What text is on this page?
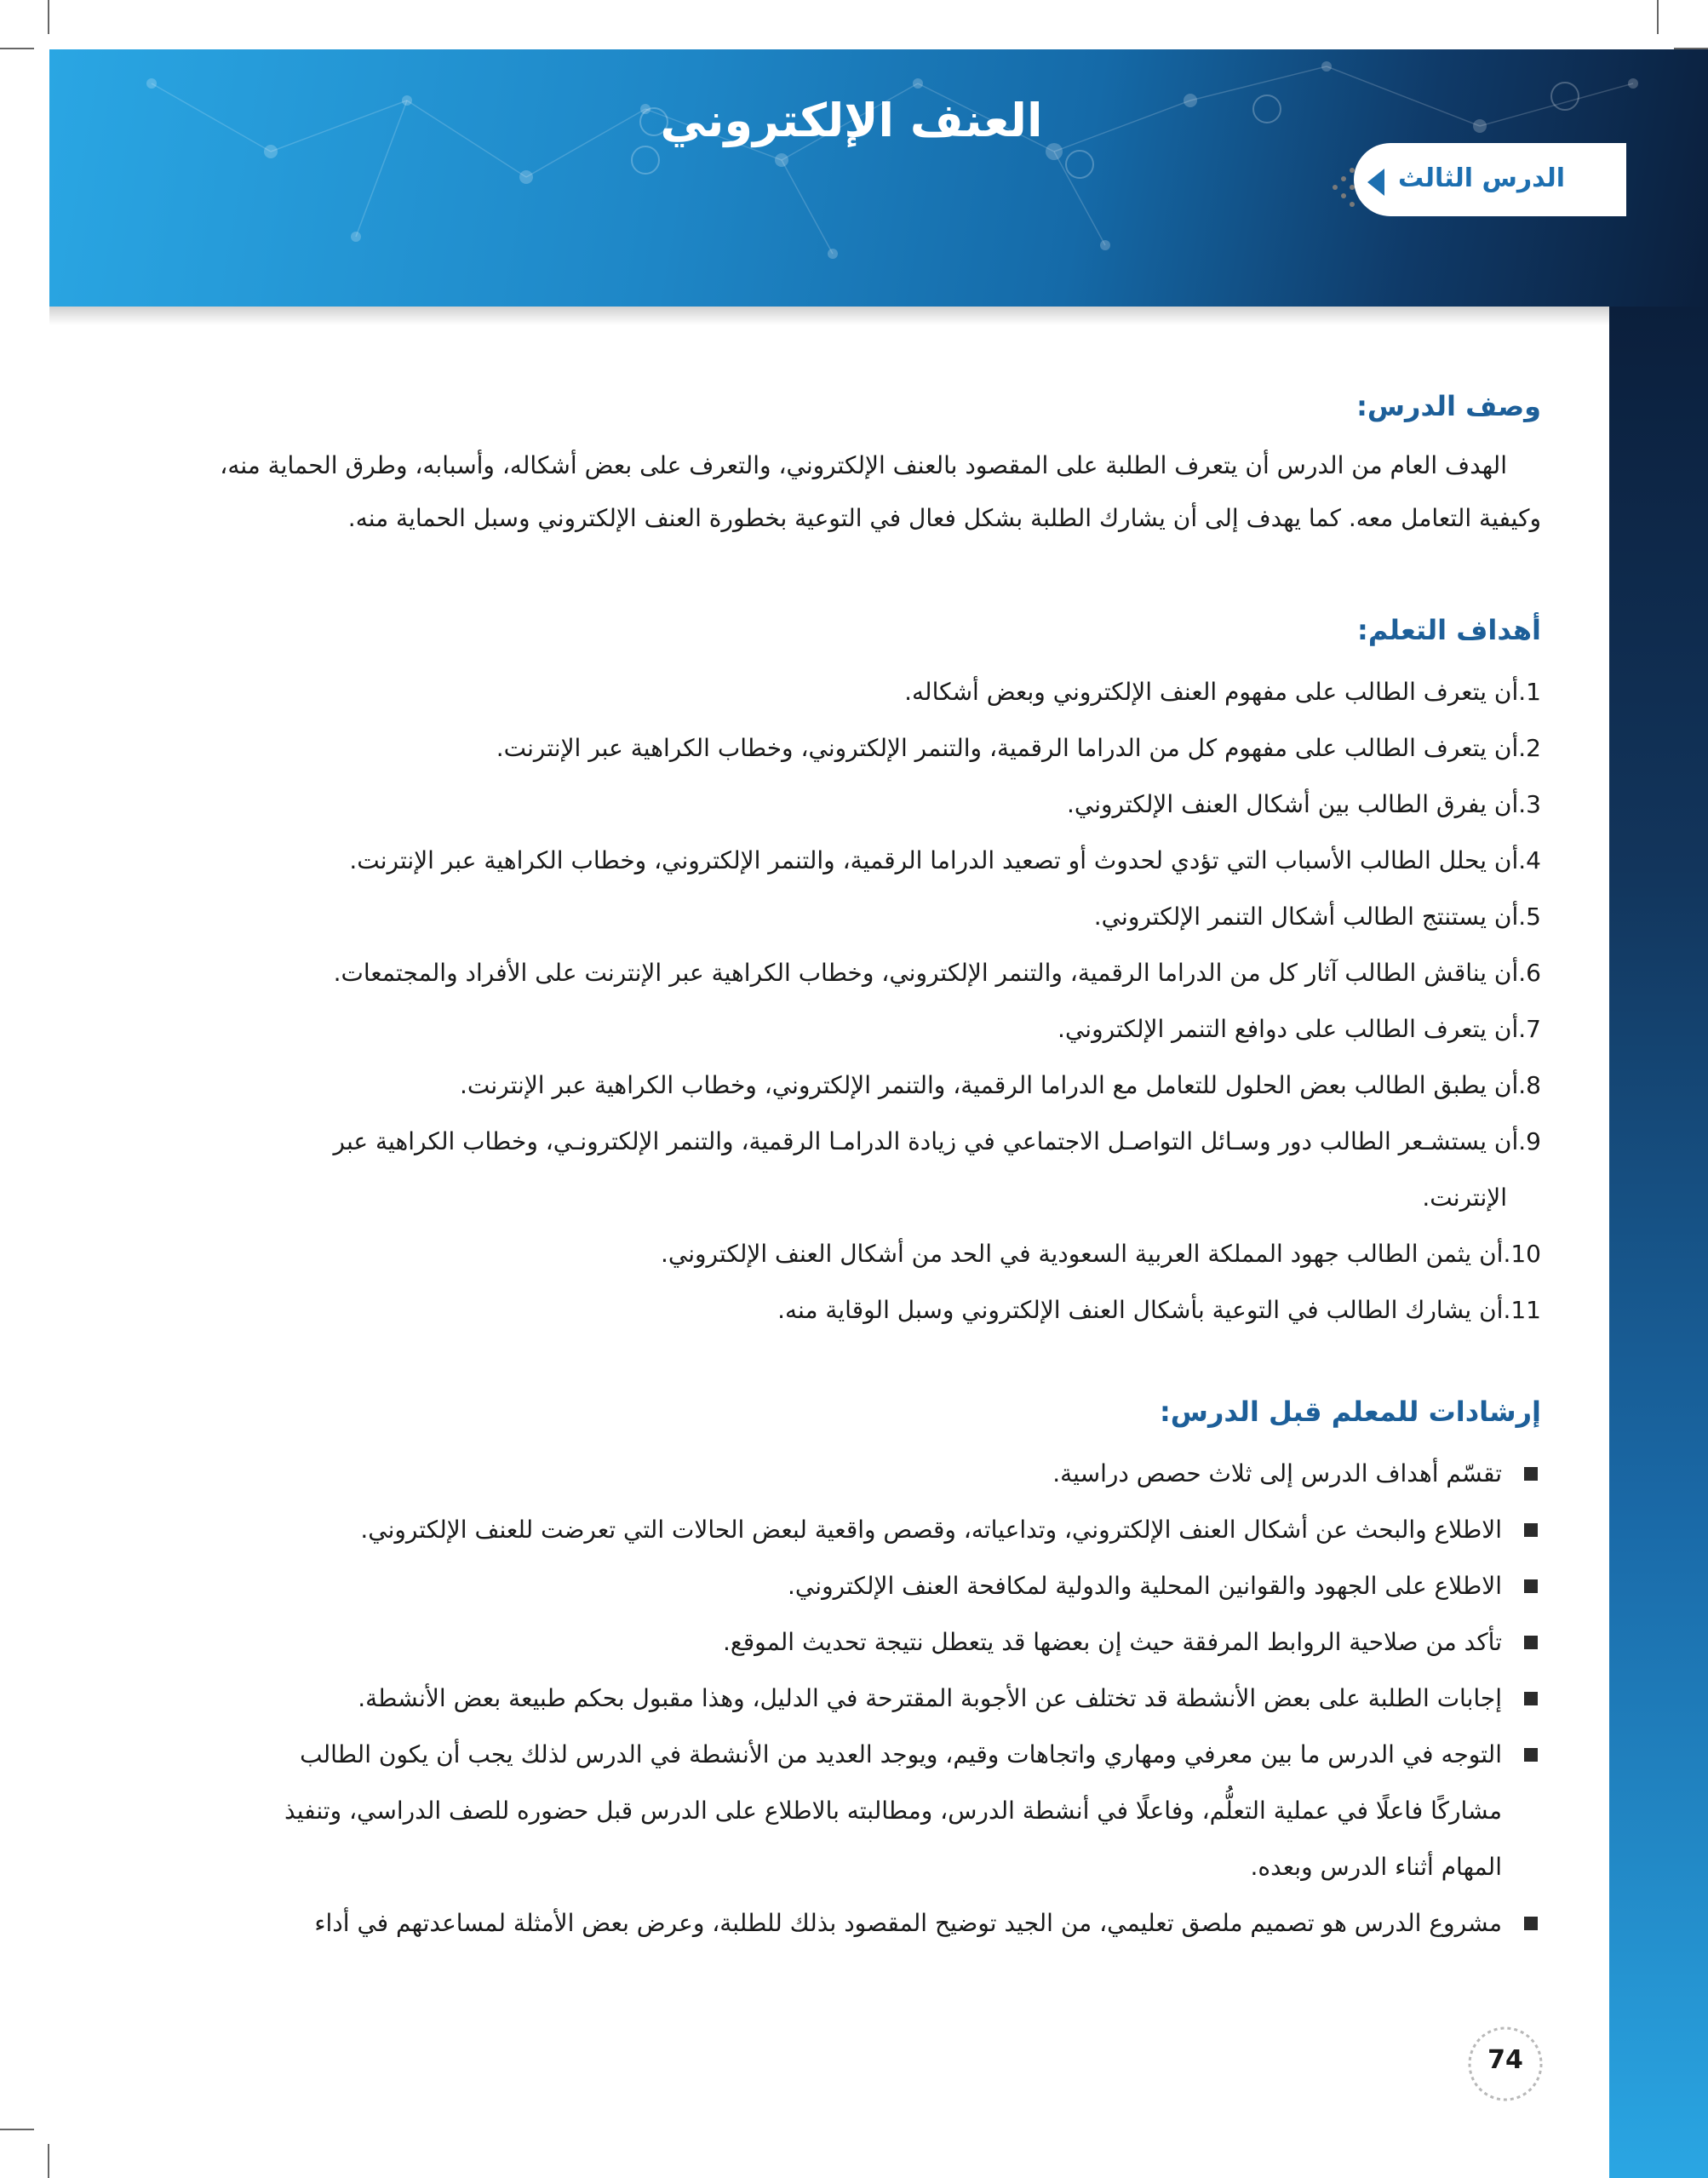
العنف الإلكتروني
الدرس الثالث
وصف الدرس:

الهدف العام من الدرس أن يتعرف الطلبة على المقصود بالعنف الإلكتروني، والتعرف على بعض أشكاله، وأسبابه، وطرق الحماية منه،

وكيفية التعامل معه. كما يهدف إلى أن يشارك الطلبة بشكل فعال في التوعية بخطورة العنف الإلكتروني وسبل الحماية منه.

أهداف التعلم:

1.أن يتعرف الطالب على مفهوم العنف الإلكتروني وبعض أشكاله.

2.أن يتعرف الطالب على مفهوم كل من الدراما الرقمية، والتنمر الإلكتروني، وخطاب الكراهية عبر الإنترنت.

3.أن يفرق الطالب بين أشكال العنف الإلكتروني.

4.أن يحلل الطالب الأسباب التي تؤدي لحدوث أو تصعيد الدراما الرقمية، والتنمر الإلكتروني، وخطاب الكراهية عبر الإنترنت.

5.أن يستنتج الطالب أشكال التنمر الإلكتروني.

6.أن يناقش الطالب آثار كل من الدراما الرقمية، والتنمر الإلكتروني، وخطاب الكراهية عبر الإنترنت على الأفراد والمجتمعات.

7.أن يتعرف الطالب على دوافع التنمر الإلكتروني.

8.أن يطبق الطالب بعض الحلول للتعامل مع الدراما الرقمية، والتنمر الإلكتروني، وخطاب الكراهية عبر الإنترنت.

9.أن يستشـعر الطالب دور وسـائل التواصـل الاجتماعي في زيادة الدرامـا الرقمية، والتنمر الإلكترونـي، وخطاب الكراهية عبر

الإنترنت.

10.أن يثمن الطالب جهود المملكة العربية السعودية في الحد من أشكال العنف الإلكتروني.

11.أن يشارك الطالب في التوعية بأشكال العنف الإلكتروني وسبل الوقاية منه.

إرشادات للمعلم قبل الدرس:
تقسّم أهداف الدرس إلى ثلاث حصص دراسية.
الاطلاع والبحث عن أشكال العنف الإلكتروني، وتداعياته، وقصص واقعية لبعض الحالات التي تعرضت للعنف الإلكتروني.
الاطلاع على الجهود والقوانين المحلية والدولية لمكافحة العنف الإلكتروني.
تأكد من صلاحية الروابط المرفقة حيث إن بعضها قد يتعطل نتيجة تحديث الموقع.
إجابات الطلبة على بعض الأنشطة قد تختلف عن الأجوبة المقترحة في الدليل، وهذا مقبول بحكم طبيعة بعض الأنشطة.
التوجه في الدرس ما بين معرفي ومهاري واتجاهات وقيم، ويوجد العديد من الأنشطة في الدرس لذلك يجب أن يكون الطالب
مشاركًا فاعلًا في عملية التعلُّم، وفاعلًا في أنشطة الدرس، ومطالبته بالاطلاع على الدرس قبل حضوره للصف الدراسي، وتنفيذ
المهام أثناء الدرس وبعده.
مشروع الدرس هو تصميم ملصق تعليمي، من الجيد توضيح المقصود بذلك للطلبة، وعرض بعض الأمثلة لمساعدتهم في أداء
74
